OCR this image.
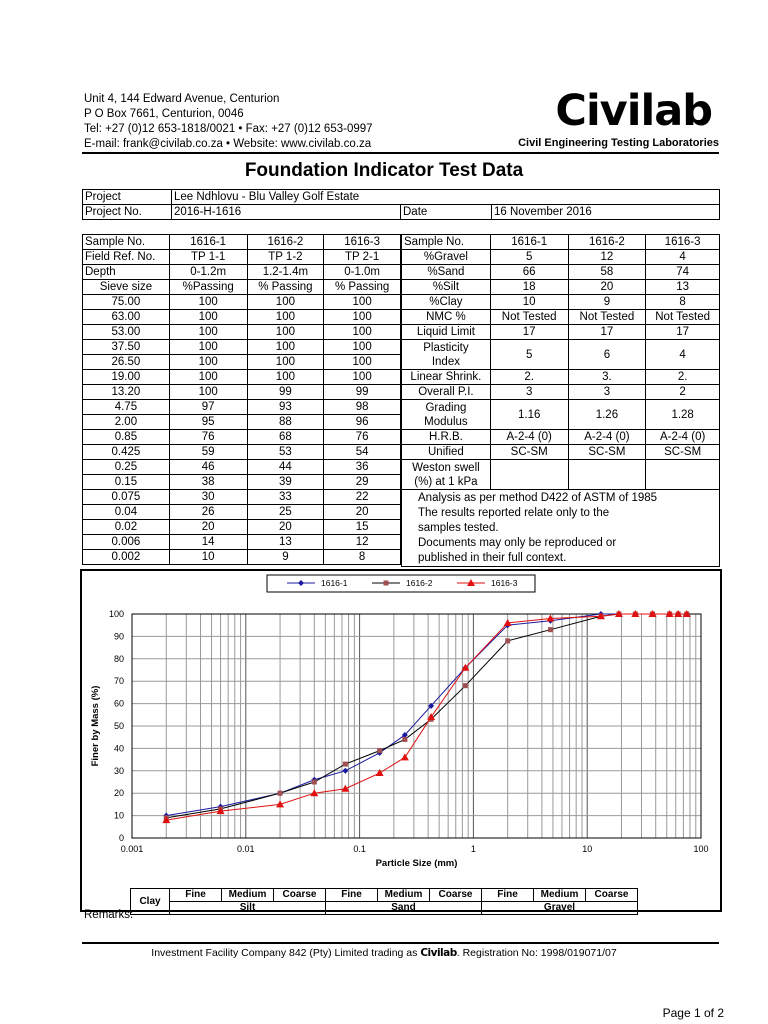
Unit 4, 144 Edward Avenue, Centurion
P O Box 7661, Centurion, 0046
Tel: +27 (0)12 653-1818/0021 • Fax: +27 (0)12 653-0997
E-mail: frank@civilab.co.za • Website: www.civilab.co.za
Civilab
Civil Engineering Testing Laboratories
Foundation Indicator Test Data
Project	Lee Ndhlovu - Blu Valley Golf Estate		
Project No.	2016-H-1616	Date	16 November 2016
Sample No.	1616-1	1616-2	1616-3
Field Ref. No.	TP 1-1	TP 1-2	TP 2-1
Depth	0-1.2m	1.2-1.4m	0-1.0m
Sieve size	%Passing	% Passing	% Passing
75.00	100	100	100
63.00	100	100	100
53.00	100	100	100
37.50	100	100	100
26.50	100	100	100
19.00	100	100	100
13.20	100	99	99
4.75	97	93	98
2.00	95	88	96
0.85	76	68	76
0.425	59	53	54
0.25	46	44	36
0.15	38	39	29
0.075	30	33	22
0.04	26	25	20
0.02	20	20	15
0.006	14	13	12
0.002	10	9	8
Sample No.	1616-1	1616-2	1616-3
%Gravel	5	12	4
%Sand	66	58	74
%Silt	18	20	13
%Clay	10	9	8
NMC %	Not Tested	Not Tested	Not Tested
Liquid Limit	17	17	17

Plasticity
Index	5	6	4
Linear Shrink.	2.	3.	2.
Overall P.I.	3	3	2

Grading
Modulus	1.16	1.26	1.28
H.R.B.	A-2-4 (0)	A-2-4 (0)	A-2-4 (0)
Unified	SC-SM	SC-SM	SC-SM

Weston swell
(%) at 1 kPa			

Analysis as per method D422 of ASTM of 1985
The results reported relate only to the
samples tested.
Documents may only be reproduced or
published in their full context.			
0
10
20
30
40
50
60
70
80
90
100
0.001	0.01	0.1	1	10	100
Particle Size (mm)
Finer by Mass (%)
1616-1	1616-2	1616-3
Clay	Fine	Medium	Coarse	Fine	Medium	Coarse	Fine	Medium	Coarse
	Silt			Sand			Gravel		
Remarks:
Investment Facility Company 842 (Pty) Limited trading as Civilab. Registration No: 1998/019071/07
Page 1 of 2
